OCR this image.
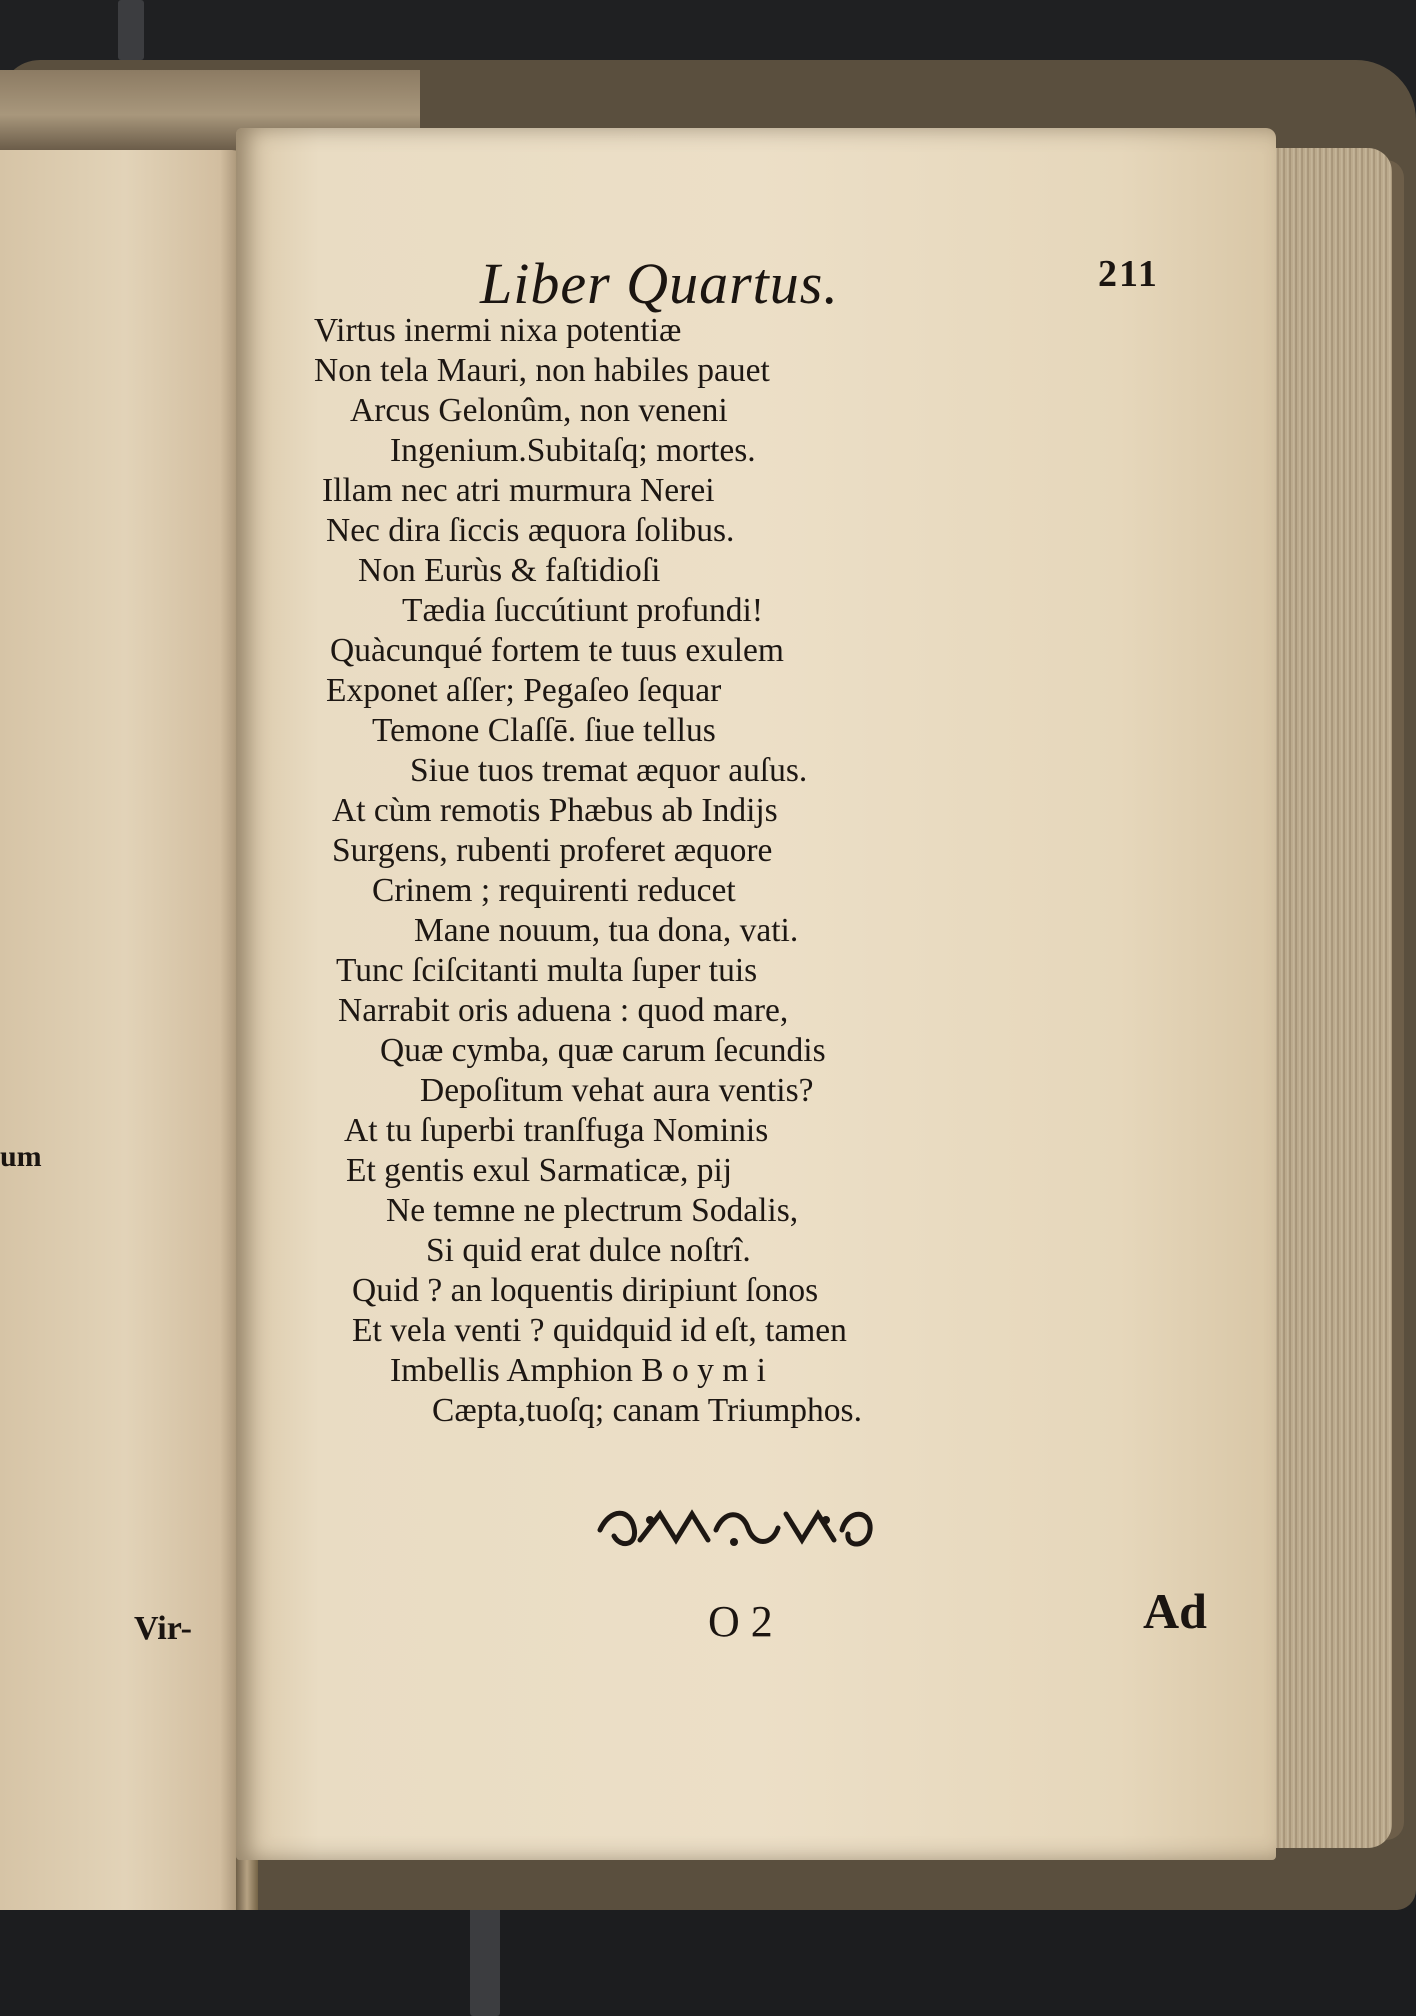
um
Vir-
Liber Quartus.	211
Virtus inermi nixa potentiæ
Non tela Mauri, non habiles pauet
Arcus Gelonûm, non veneni
Ingenium.Subitaſq; mortes.
Illam nec atri murmura Nerei
Nec dira ſiccis æquora ſolibus.
Non Eurùs & faſtidioſi
Tædia ſuccútiunt profundi!
Quàcunqué fortem te tuus exulem
Exponet aſſer; Pegaſeo ſequar
Temone Claſſē. ſiue tellus
Siue tuos tremat æquor auſus.
At cùm remotis Phæbus ab Indijs
Surgens, rubenti proferet æquore
Crinem ; requirenti reducet
Mane nouum, tua dona, vati.
Tunc ſciſcitanti multa ſuper tuis
Narrabit oris aduena : quod mare,
Quæ cymba, quæ carum ſecundis
Depoſitum vehat aura ventis?
At tu ſuperbi tranſfuga Nominis
Et gentis exul Sarmaticæ, pij
Ne temne ne plectrum Sodalis,
Si quid erat dulce noſtrî.
Quid ? an loquentis diripiunt ſonos
Et vela venti ? quidquid id eſt, tamen
Imbellis Amphion B o y m i
Cæpta,tuoſq; canam Triumphos.
O 2	Ad
